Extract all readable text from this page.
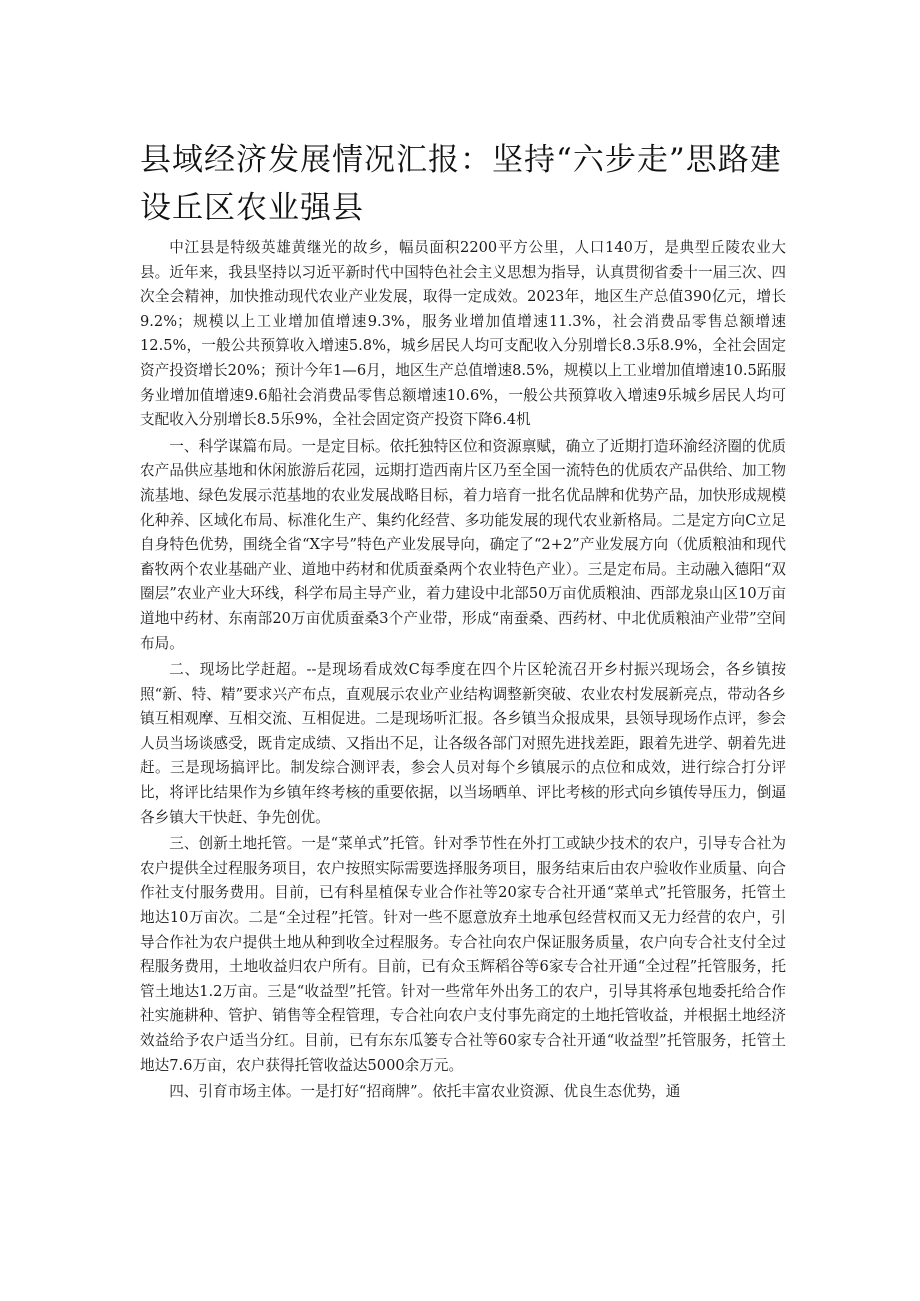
县域经济发展情况汇报：坚持“六步走”思路建设丘区农业强县

中江县是特级英雄黄继光的故乡，幅员面积2200平方公里，人口140万，是典型丘陵农业大县。近年来，我县坚持以习近平新时代中国特色社会主义思想为指导，认真贯彻省委十一届三次、四次全会精神，加快推动现代农业产业发展，取得一定成效。2023年，地区生产总值390亿元，增长9.2%；规模以上工业增加值增速9.3%，服务业增加值增速11.3%，社会消费品零售总额增速12.5%，一般公共预算收入增速5.8%，城乡居民人均可支配收入分别增长8.3乐8.9%，全社会固定资产投资增长20%；预计今年1—6月，地区生产总值增速8.5%，规模以上工业增加值增速10.5跖服务业增加值增速9.6船社会消费品零售总额增速10.6%，一般公共预算收入增速9乐城乡居民人均可支配收入分别增长8.5乐9%，全社会固定资产投资下降6.4机

一、科学谋篇布局。一是定目标。依托独特区位和资源禀赋，确立了近期打造环渝经济圈的优质农产品供应基地和休闲旅游后花园，远期打造西南片区乃至全国一流特色的优质农产品供给、加工物流基地、绿色发展示范基地的农业发展战略目标，着力培育一批名优品牌和优势产品，加快形成规模化种养、区域化布局、标准化生产、集约化经营、多功能发展的现代农业新格局。二是定方向C立足自身特色优势，围绕全省“X字号”特色产业发展导向，确定了“2+2”产业发展方向（优质粮油和现代畜牧两个农业基础产业、道地中药材和优质蚕桑两个农业特色产业）。三是定布局。主动融入德阳“双圈层”农业产业大环线，科学布局主导产业，着力建设中北部50万亩优质粮油、西部龙泉山区10万亩道地中药材、东南部20万亩优质蚕桑3个产业带，形成“南蚕桑、西药材、中北优质粮油产业带”空间布局。

二、现场比学赶超。--是现场看成效C每季度在四个片区轮流召开乡村振兴现场会，各乡镇按照“新、特、精”要求兴产布点，直观展示农业产业结构调整新突破、农业农村发展新亮点，带动各乡镇互相观摩、互相交流、互相促进。二是现场听汇报。各乡镇当众报成果，县领导现场作点评，参会人员当场谈感受，既肯定成绩、又指出不足，让各级各部门对照先进找差距，跟着先进学、朝着先进赶。三是现场搞评比。制发综合测评表，参会人员对每个乡镇展示的点位和成效，进行综合打分评比，将评比结果作为乡镇年终考核的重要依据，以当场晒单、评比考核的形式向乡镇传导压力，倒逼各乡镇大干快赶、争先创优。

三、创新土地托管。一是“菜单式”托管。针对季节性在外打工或缺少技术的农户，引导专合社为农户提供全过程服务项目，农户按照实际需要选择服务项目，服务结束后由农户验收作业质量、向合作社支付服务费用。目前，已有科星植保专业合作社等20家专合社开通“菜单式”托管服务，托管土地达10万亩次。二是“全过程”托管。针对一些不愿意放弃土地承包经营权而又无力经营的农户，引导合作社为农户提供土地从种到收全过程服务。专合社向农户保证服务质量，农户向专合社支付全过程服务费用，土地收益归农户所有。目前，已有众玉辉稻谷等6家专合社开通“全过程”托管服务，托管土地达1.2万亩。三是“收益型”托管。针对一些常年外出务工的农户，引导其将承包地委托给合作社实施耕种、管护、销售等全程管理，专合社向农户支付事先商定的土地托管收益，并根据土地经济效益给予农户适当分红。目前，已有东东瓜篓专合社等60家专合社开通“收益型”托管服务，托管土地达7.6万亩，农户获得托管收益达5000余万元。

四、引育市场主体。一是打好“招商牌”。依托丰富农业资源、优良生态优势，通
